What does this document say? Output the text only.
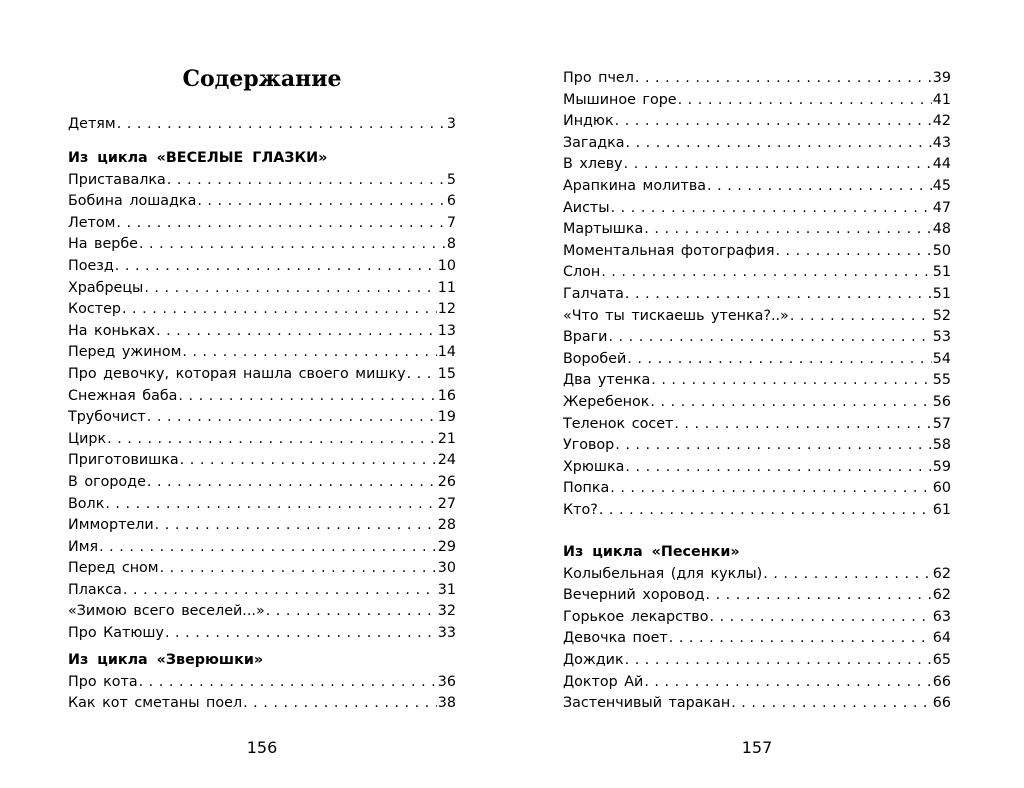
Содержание
Детям . . .	3
Из цикла «ВЕСЕЛЫЕ ГЛАЗКИ»
Приставалка . . .	5
Бобина лошадка . . .	6
Летом . . .	7
На вербе . . .	8
Поезд . . .	10
Храбрецы . . .	11
Костер . . .	12
На коньках . . .	13
Перед ужином . . .	14
Про девочку, которая нашла своего мишку . . . 15
Снежная баба . . .	16
Трубочист . . .	19
Цирк . . .	21
Приготовишка . . .	24
В огороде . . .	26
Волк . . .	27
Иммортели . . .	28
Имя . . .	29
Перед сном . . .	30
Плакса . . .	31
«Зимою всего веселей...» . . .	32
Про Катюшу . . .	33
Из цикла «Зверюшки»
Про кота . . .	36
Как кот сметаны поел . . .	38
156
Про пчел . . .	39
Мышиное горе . . .	41
Индюк . . .	42
Загадка . . .	43
В хлеву . . .	44
Арапкина молитва . . .	45
Аисты . . .	47
Мартышка . . .	48
Моментальная фотография . . .	50
Слон . . .	51
Галчата . . .	51
«Что ты тискаешь утенка?..» . . .	52
Враги . . .	53
Воробей . . .	54
Два утенка . . .	55
Жеребенок . . .	56
Теленок сосет . . .	57
Уговор . . .	58
Хрюшка . . .	59
Попка . . .	60
Кто? . . .	61
Из цикла «Песенки»
Колыбельная (для куклы) . . .	62
Вечерний хоровод . . .	62
Горькое лекарство . . .	63
Девочка поет . . .	64
Дождик . . .	65
Доктор Ай . . .	66
Застенчивый таракан . . .	66
157
